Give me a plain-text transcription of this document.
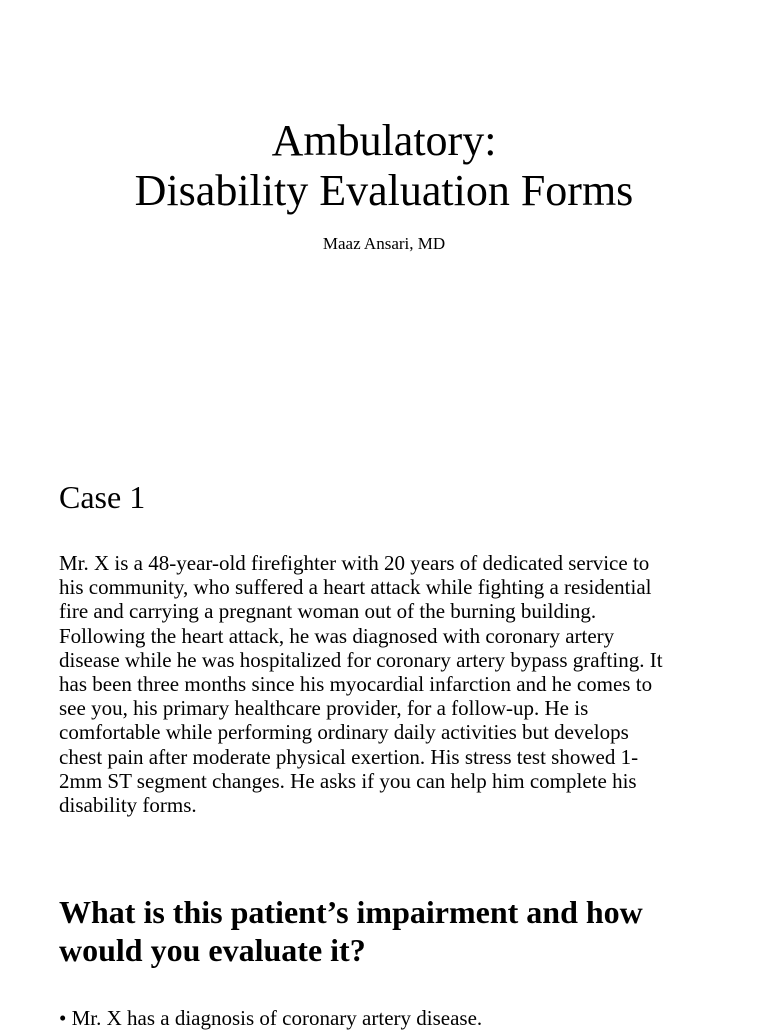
Ambulatory:
Disability Evaluation Forms
Maaz Ansari, MD
Case 1

Mr. X is a 48-year-old firefighter with 20 years of dedicated service to
his community, who suffered a heart attack while fighting a residential
fire and carrying a pregnant woman out of the burning building.
Following the heart attack, he was diagnosed with coronary artery
disease while he was hospitalized for coronary artery bypass grafting. It
has been three months since his myocardial infarction and he comes to
see you, his primary healthcare provider, for a follow-up. He is
comfortable while performing ordinary daily activities but develops
chest pain after moderate physical exertion. His stress test showed 1-
2mm ST segment changes. He asks if you can help him complete his
disability forms.

What is this patient’s impairment and how
would you evaluate it?

• Mr. X has a diagnosis of coronary artery disease.
